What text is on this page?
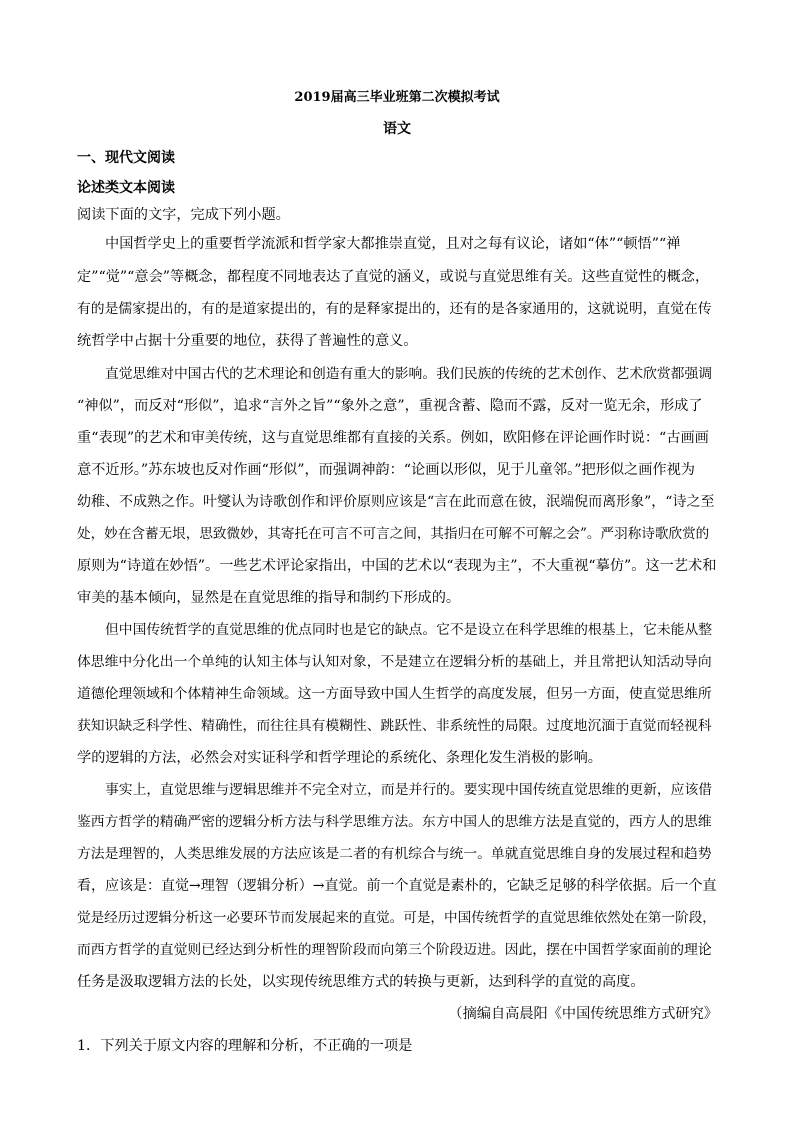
2019届高三毕业班第二次模拟考试
语文
一、现代文阅读
论述类文本阅读
阅读下面的文字，完成下列小题。
中国哲学史上的重要哲学流派和哲学家大都推崇直觉，且对之每有议论，诸如“体”“顿悟”“禅
定”“觉”“意会”等概念，都程度不同地表达了直觉的涵义，或说与直觉思维有关。这些直觉性的概念，
有的是儒家提出的，有的是道家提出的，有的是释家提出的，还有的是各家通用的，这就说明，直觉在传
统哲学中占据十分重要的地位，获得了普遍性的意义。
直觉思维对中国古代的艺术理论和创造有重大的影响。我们民族的传统的艺术创作、艺术欣赏都强调
“神似”，而反对“形似”，追求“言外之旨”“象外之意”，重视含蓄、隐而不露，反对一览无余，形成了
重“表现”的艺术和审美传统，这与直觉思维都有直接的关系。例如，欧阳修在评论画作时说：“古画画
意不近形。”苏东坡也反对作画“形似”，而强调神韵：“论画以形似，见于儿童邻。”把形似之画作视为
幼稚、不成熟之作。叶燮认为诗歌创作和评价原则应该是“言在此而意在彼，泯端倪而离形象”，“诗之至
处，妙在含蓄无垠，思致微妙，其寄托在可言不可言之间，其指归在可解不可解之会”。严羽称诗歌欣赏的
原则为“诗道在妙悟”。一些艺术评论家指出，中国的艺术以“表现为主”，不大重视“摹仿”。这一艺术和
审美的基本倾向，显然是在直觉思维的指导和制约下形成的。
但中国传统哲学的直觉思维的优点同时也是它的缺点。它不是设立在科学思维的根基上，它未能从整
体思维中分化出一个单纯的认知主体与认知对象，不是建立在逻辑分析的基础上，并且常把认知活动导向
道德伦理领域和个体精神生命领域。这一方面导致中国人生哲学的高度发展，但另一方面，使直觉思维所
获知识缺乏科学性、精确性，而往往具有模糊性、跳跃性、非系统性的局限。过度地沉湎于直觉而轻视科
学的逻辑的方法，必然会对实证科学和哲学理论的系统化、条理化发生消极的影响。
事实上，直觉思维与逻辑思维并不完全对立，而是并行的。要实现中国传统直觉思维的更新，应该借
鉴西方哲学的精确严密的逻辑分析方法与科学思维方法。东方中国人的思维方法是直觉的，西方人的思维
方法是理智的，人类思维发展的方法应该是二者的有机综合与统一。单就直觉思维自身的发展过程和趋势
看，应该是：直觉→理智（逻辑分析）→直觉。前一个直觉是素朴的，它缺乏足够的科学依据。后一个直
觉是经历过逻辑分析这一必要环节而发展起来的直觉。可是，中国传统哲学的直觉思维依然处在第一阶段，
而西方哲学的直觉则已经达到分析性的理智阶段而向第三个阶段迈进。因此，摆在中国哲学家面前的理论
任务是汲取逻辑方法的长处，以实现传统思维方式的转换与更新，达到科学的直觉的高度。
（摘编自高晨阳《中国传统思维方式研究》
1．下列关于原文内容的理解和分析，不正确的一项是
